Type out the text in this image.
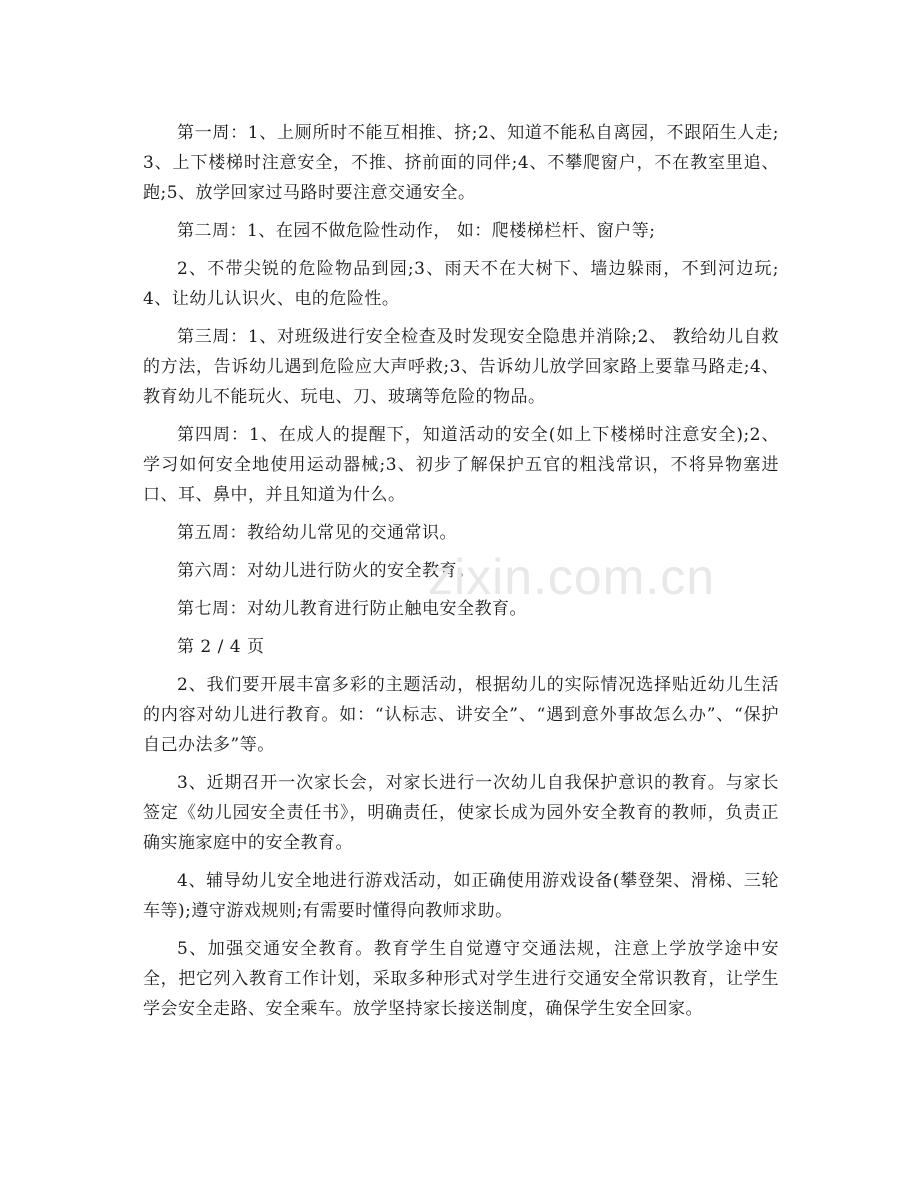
第一周：1、上厕所时不能互相推、挤;2、知道不能私自离园，不跟陌生人走;3、上下楼梯时注意安全，不推、挤前面的同伴;4、不攀爬窗户，不在教室里追、跑;5、放学回家过马路时要注意交通安全。

第二周：1、在园不做危险性动作， 如：爬楼梯栏杆、窗户等;

2、不带尖锐的危险物品到园;3、雨天不在大树下、墙边躲雨，不到河边玩;4、让幼儿认识火、电的危险性。

第三周：1、对班级进行安全检查及时发现安全隐患并消除;2、 教给幼儿自救的方法，告诉幼儿遇到危险应大声呼救;3、告诉幼儿放学回家路上要靠马路走;4、教育幼儿不能玩火、玩电、刀、玻璃等危险的物品。

第四周：1、在成人的提醒下，知道活动的安全(如上下楼梯时注意安全);2、学习如何安全地使用运动器械;3、初步了解保护五官的粗浅常识，不将异物塞进口、耳、鼻中，并且知道为什么。

第五周：教给幼儿常见的交通常识。

第六周：对幼儿进行防火的安全教育。

第七周：对幼儿教育进行防止触电安全教育。

第 2 / 4 页

2、我们要开展丰富多彩的主题活动，根据幼儿的实际情况选择贴近幼儿生活的内容对幼儿进行教育。如：“认标志、讲安全”、“遇到意外事故怎么办”、“保护自己办法多”等。

3、近期召开一次家长会，对家长进行一次幼儿自我保护意识的教育。与家长签定《幼儿园安全责任书》，明确责任，使家长成为园外安全教育的教师，负责正确实施家庭中的安全教育。

4、辅导幼儿安全地进行游戏活动，如正确使用游戏设备(攀登架、滑梯、三轮车等);遵守游戏规则;有需要时懂得向教师求助。

5、加强交通安全教育。教育学生自觉遵守交通法规，注意上学放学途中安全，把它列入教育工作计划，采取多种形式对学生进行交通安全常识教育，让学生学会安全走路、安全乘车。放学坚持家长接送制度，确保学生安全回家。

zixin.com.cn
